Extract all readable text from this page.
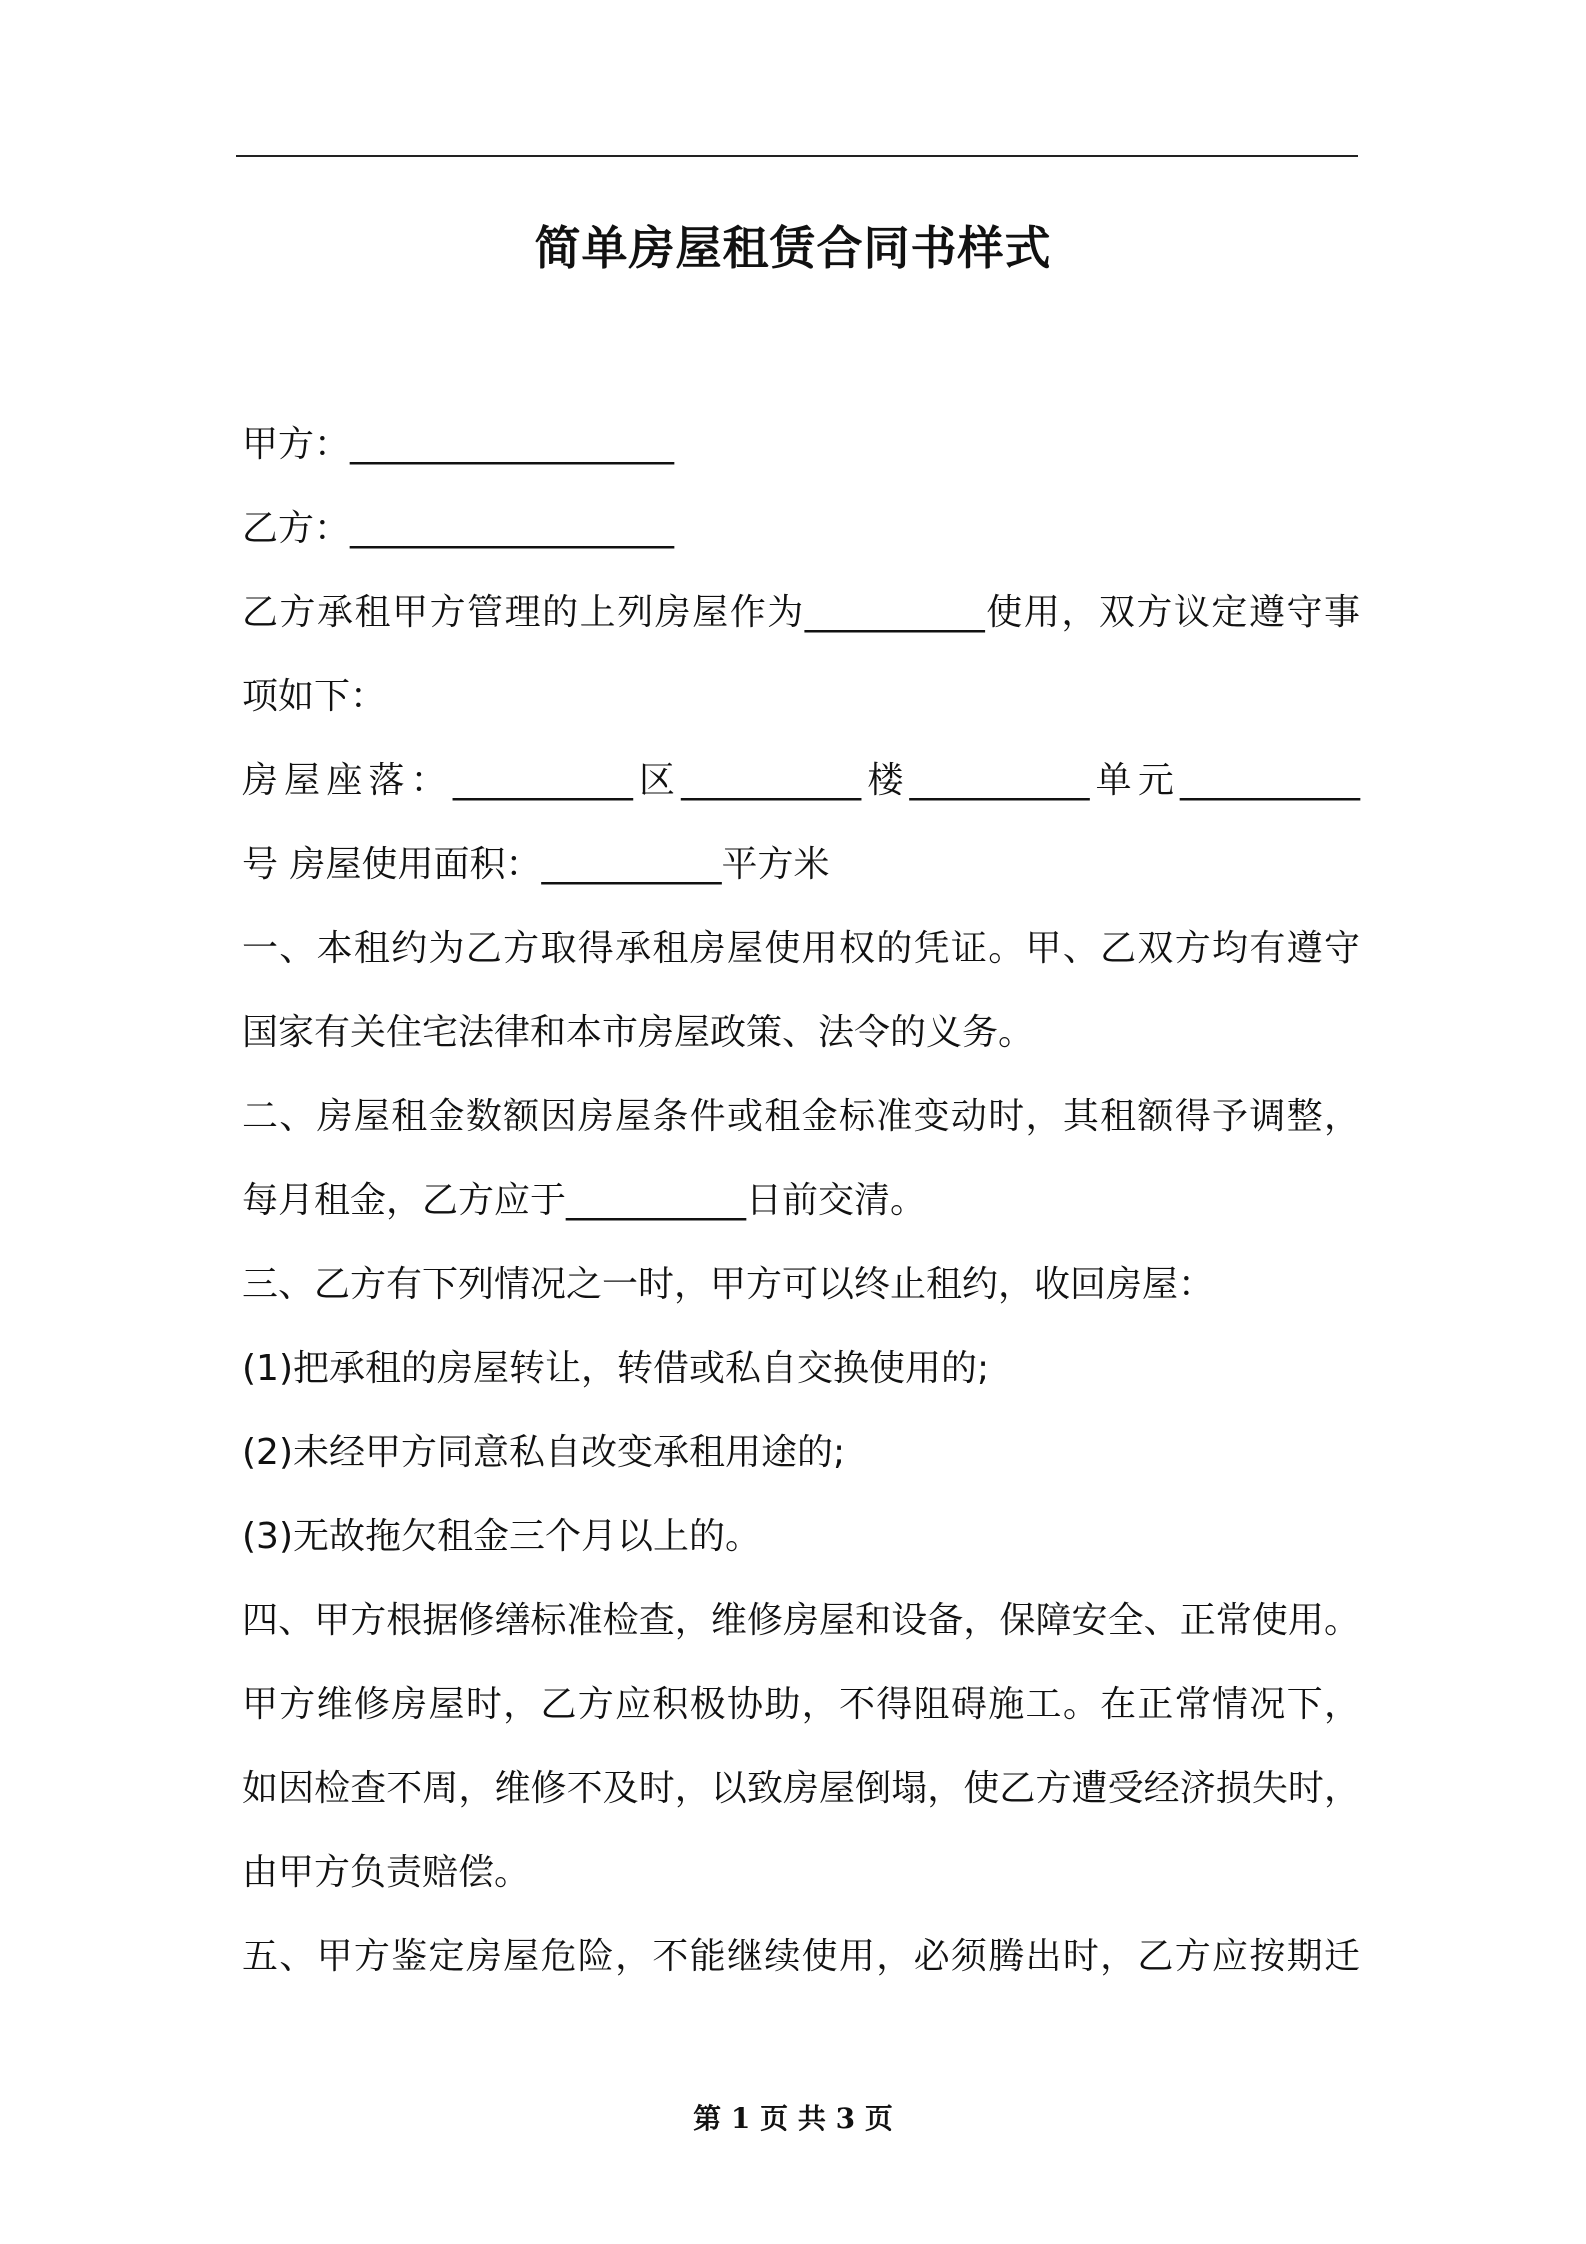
简单房屋租赁合同书样式
甲方：__________________
乙方：__________________
乙方承租甲方管理的上列房屋作为__________使用，双方议定遵守事
项如下：
房屋座落：__________区__________楼__________单元__________
号 房屋使用面积：__________平方米
一、本租约为乙方取得承租房屋使用权的凭证。甲、乙双方均有遵守
国家有关住宅法律和本市房屋政策、法令的义务。
二、房屋租金数额因房屋条件或租金标准变动时，其租额得予调整，
每月租金，乙方应于__________日前交清。
三、乙方有下列情况之一时，甲方可以终止租约，收回房屋：
(1)把承租的房屋转让，转借或私自交换使用的;
(2)未经甲方同意私自改变承租用途的;
(3)无故拖欠租金三个月以上的。
四、甲方根据修缮标准检查，维修房屋和设备，保障安全、正常使用。
甲方维修房屋时，乙方应积极协助，不得阻碍施工。在正常情况下，
如因检查不周，维修不及时，以致房屋倒塌，使乙方遭受经济损失时，
由甲方负责赔偿。
五、甲方鉴定房屋危险，不能继续使用，必须腾出时，乙方应按期迁
第 1 页 共 3 页
